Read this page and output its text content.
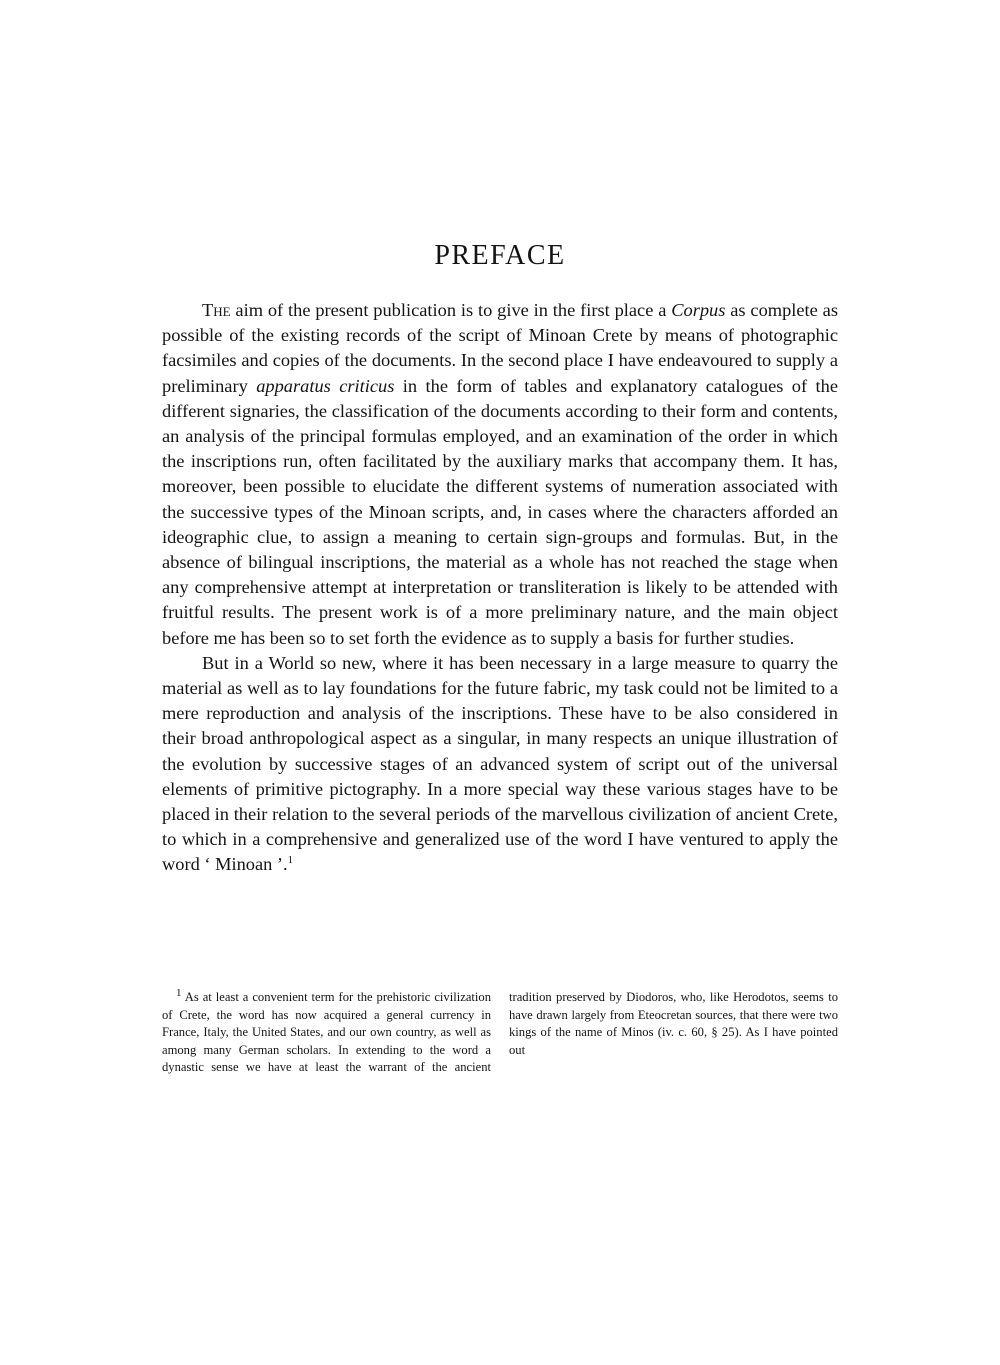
PREFACE

The aim of the present publication is to give in the first place a Corpus as complete as possible of the existing records of the script of Minoan Crete by means of photographic facsimiles and copies of the documents. In the second place I have endeavoured to supply a preliminary apparatus criticus in the form of tables and explanatory catalogues of the different signaries, the classification of the documents according to their form and contents, an analysis of the principal formulas employed, and an examination of the order in which the inscriptions run, often facilitated by the auxiliary marks that accompany them. It has, moreover, been possible to elucidate the different systems of numeration associated with the successive types of the Minoan scripts, and, in cases where the characters afforded an ideographic clue, to assign a meaning to certain sign-groups and formulas. But, in the absence of bilingual inscriptions, the material as a whole has not reached the stage when any comprehensive attempt at interpretation or transliteration is likely to be attended with fruitful results. The present work is of a more preliminary nature, and the main object before me has been so to set forth the evidence as to supply a basis for further studies.

But in a World so new, where it has been necessary in a large measure to quarry the material as well as to lay foundations for the future fabric, my task could not be limited to a mere reproduction and analysis of the inscriptions. These have to be also considered in their broad anthropological aspect as a singular, in many respects an unique illustration of the evolution by successive stages of an advanced system of script out of the universal elements of primitive pictography. In a more special way these various stages have to be placed in their relation to the several periods of the marvellous civilization of ancient Crete, to which in a comprehensive and generalized use of the word I have ventured to apply the word ‘ Minoan ’.$^1$

1 As at least a convenient term for the prehistoric civilization of Crete, the word has now acquired a general currency in France, Italy, the United States, and our own country, as well as among many German scholars. In extending to the word a dynastic sense we have at least the warrant of the ancient tradition preserved by Diodoros, who, like Herodotos, seems to have drawn largely from Eteocretan sources, that there were two kings of the name of Minos (iv. c. 60, § 25). As I have pointed out
